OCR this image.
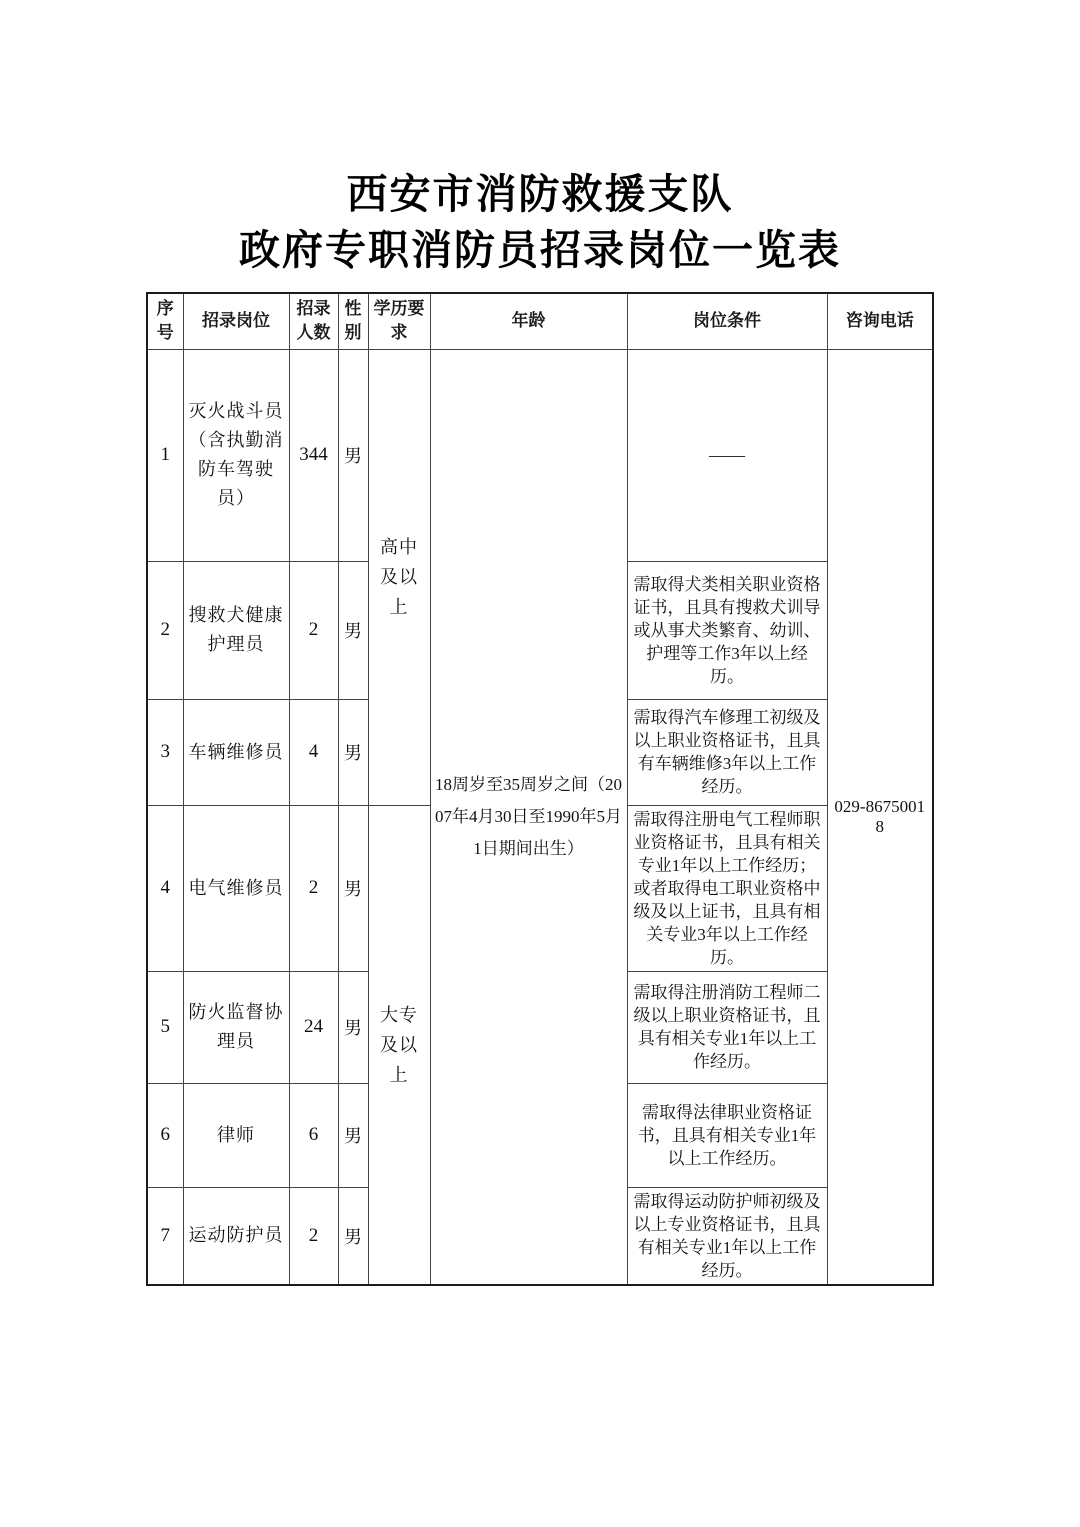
西安市消防救援支队
政府专职消防员招录岗位一览表
序号	招录岗位	招录人数	性别	学历要求	年龄	岗位条件	咨询电话
1	灭火战斗员（含执勤消防车驾驶员）	344	男	高中及以上	18周岁至35周岁之间（2007年4月30日至1990年5月1日期间出生）	——	029-86750018
2	搜救犬健康护理员	2	男			需取得犬类相关职业资格证书，且具有搜救犬训导或从事犬类繁育、幼训、护理等工作3年以上经历。	
3	车辆维修员	4	男			需取得汽车修理工初级及以上职业资格证书，且具有车辆维修3年以上工作经历。	
4	电气维修员	2	男	大专及以上		需取得注册电气工程师职业资格证书，且具有相关专业1年以上工作经历；或者取得电工职业资格中级及以上证书，且具有相关专业3年以上工作经历。	
5	防火监督协理员	24	男			需取得注册消防工程师二级以上职业资格证书，且具有相关专业1年以上工作经历。	
6	律师	6	男			需取得法律职业资格证书，且具有相关专业1年以上工作经历。	
7	运动防护员	2	男			需取得运动防护师初级及以上专业资格证书，且具有相关专业1年以上工作经历。	
